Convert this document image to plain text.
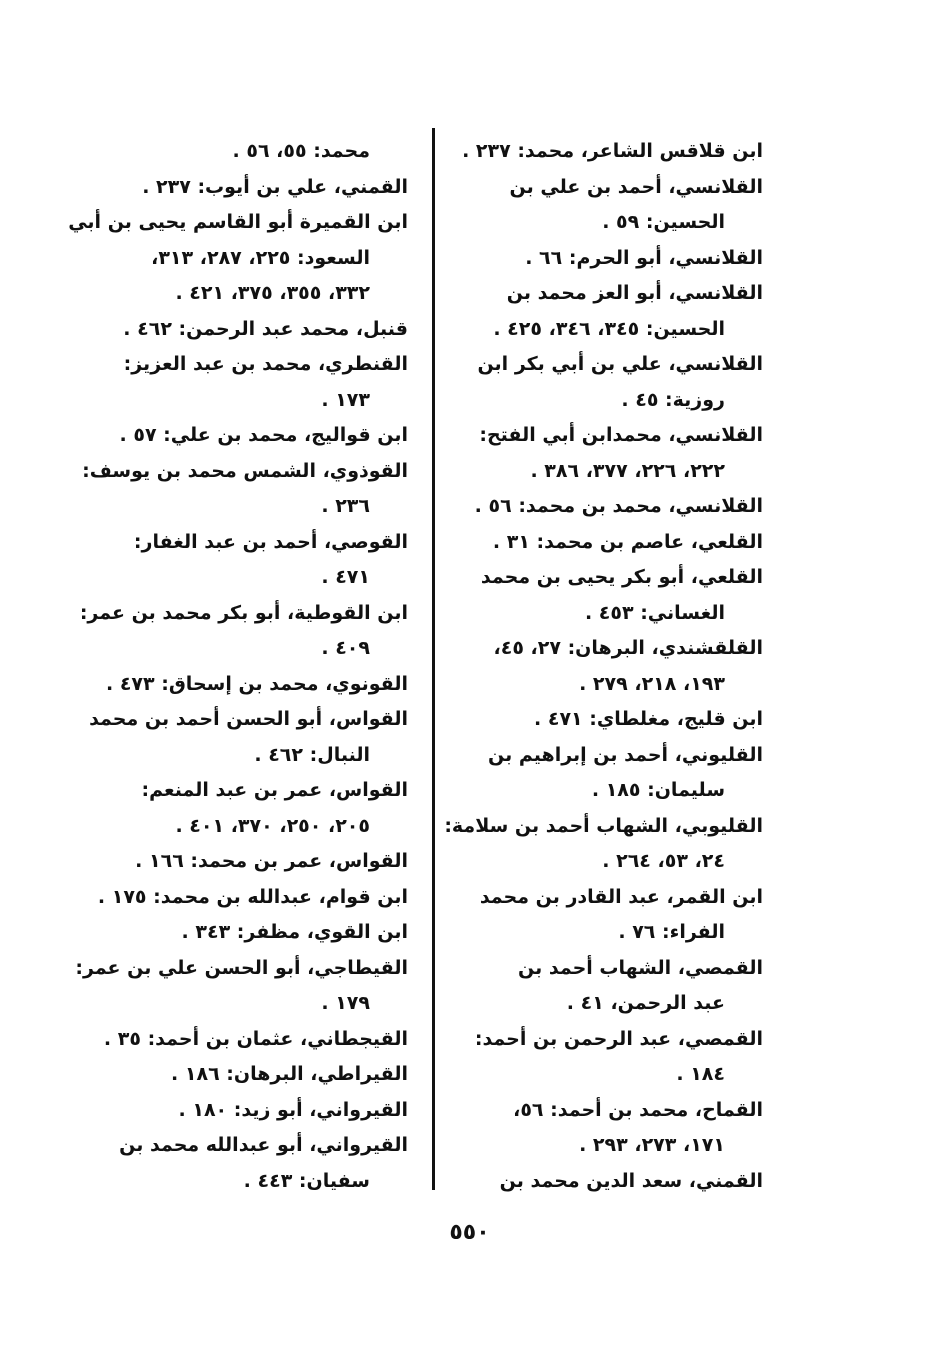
ابن قلاقس الشاعر، محمد: ٢٣٧ .
القلانسي، أحمد بن علي بن
الحسين: ٥٩ .
القلانسي، أبو الحرم: ٦٦ .
القلانسي، أبو العز محمد بن
الحسين: ٣٤٥، ٣٤٦، ٤٢٥ .
القلانسي، علي بن أبي بكر ابن
روزية: ٤٥ .
القلانسي، محمدابن أبي الفتح:
٢٢٢، ٢٢٦، ٣٧٧، ٣٨٦ .
القلانسي، محمد بن محمد: ٥٦ .
القلعي، عاصم بن محمد: ٣١ .
القلعي، أبو بكر يحيى بن محمد
الغساني: ٤٥٣ .
القلقشندي، البرهان: ٢٧، ٤٥،
١٩٣، ٢١٨، ٢٧٩ .
ابن قليج، مغلطاي: ٤٧١ .
القليوني، أحمد بن إبراهيم بن
سليمان: ١٨٥ .
القليوبي، الشهاب أحمد بن سلامة:
٢٤، ٥٣، ٢٦٤ .
ابن القمر، عبد القادر بن محمد
الفراء: ٧٦ .
القمصي، الشهاب أحمد بن
عبد الرحمن، ٤١ .
القمصي، عبد الرحمن بن أحمد:
١٨٤ .
القماح، محمد بن أحمد: ٥٦،
١٧١، ٢٧٣، ٢٩٣ .
القمني، سعد الدين محمد بن
محمد: ٥٥، ٥٦ .
القمني، علي بن أيوب: ٢٣٧ .
ابن القميرة أبو القاسم يحيى بن أبي
السعود: ٢٢٥، ٢٨٧، ٣١٣،
٣٣٢، ٣٥٥، ٣٧٥، ٤٢١ .
قنبل، محمد عبد الرحمن: ٤٦٢ .
القنطري، محمد بن عبد العزيز:
١٧٣ .
ابن قواليج، محمد بن علي: ٥٧ .
القوذوي، الشمس محمد بن يوسف:
٢٣٦ .
القوصي، أحمد بن عبد الغفار:
٤٧١ .
ابن القوطية، أبو بكر محمد بن عمر:
٤٠٩ .
القونوي، محمد بن إسحاق: ٤٧٣ .
القواس، أبو الحسن أحمد بن محمد
النبال: ٤٦٢ .
القواس، عمر بن عبد المنعم:
٢٠٥، ٢٥٠، ٣٧٠، ٤٠١ .
القواس، عمر بن محمد: ١٦٦ .
ابن قوام، عبدالله بن محمد: ١٧٥ .
ابن القوي، مظفر: ٣٤٣ .
القيطاجي، أبو الحسن علي بن عمر:
١٧٩ .
القيجطاني، عثمان بن أحمد: ٣٥ .
القيراطي، البرهان: ١٨٦ .
القيرواني، أبو زيد: ١٨٠ .
القيرواني، أبو عبدالله محمد بن
سفيان: ٤٤٣ .
٥٥٠
